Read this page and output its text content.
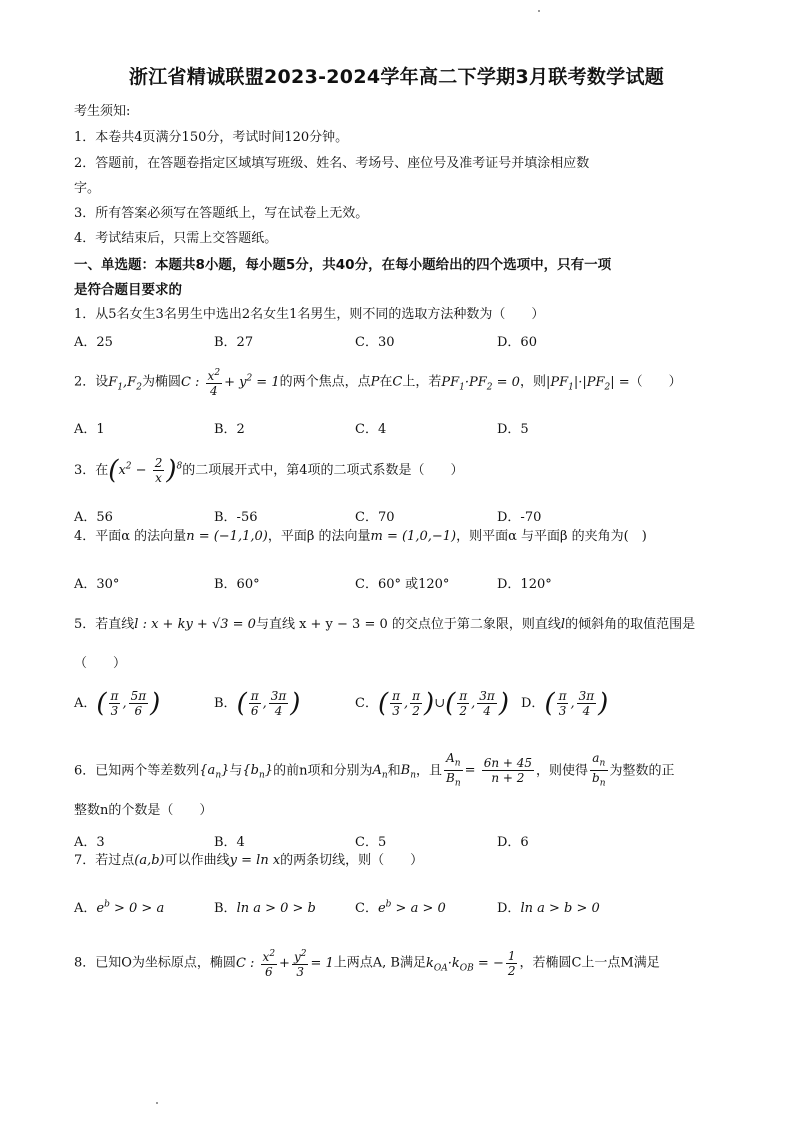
浙江省精诚联盟2023-2024学年高二下学期3月联考数学试题
考生须知:
1．本卷共4页满分150分，考试时间120分钟。
2．答题前，在答题卷指定区域填写班级、姓名、考场号、座位号及准考证号并填涂相应数
字。
3．所有答案必须写在答题纸上，写在试卷上无效。
4．考试结束后，只需上交答题纸。
一、单选题：本题共8小题，每小题5分，共40分，在每小题给出的四个选项中，只有一项
是符合题目要求的
1．从5名女生3名男生中选出2名女生1名男生，则不同的选取方法种数为（　　）
A．25	B．27	C．30	D．60
2．设$F_1,F_2$为椭圆C : $\frac{x^2}{4} + y^2 = 1$的两个焦点，点P在C上，若$PF_1\cdot PF_2 = 0$，则$|PF_1|\cdot|PF_2|$ =（　　）
A．1	B．2	C．4	D．5
3．在$(x^2 - \frac{2}{x} )^8$的二项展开式中，第4项的二项式系数是（　　）
A．56	B．-56	C．70	D．-70
4．平面α 的法向量n = (−1,1,0)，平面β 的法向量m = (1,0,−1)，则平面α 与平面β 的夹角为(　)
A．30°	B．60°	C．60° 或120°	D．120°
5．若直线l : x + ky + √3 = 0与直线 x + y − 3 = 0 的交点位于第二象限，则直线l的倾斜角的取值范围是
（　　）
A．( $\frac{\pi}{3}$ , $\frac{5\pi}{6}$ )	B．( $\frac{\pi}{6}$ , $\frac{3\pi}{4}$ )	C．( $\frac{\pi}{3}$ , $\frac{\pi}{2}$ )∪( $\frac{\pi}{2}$ , $\frac{3\pi}{4}$ ) D．( $\frac{\pi}{3}$ , $\frac{3\pi}{4}$ )
6．已知两个等差数列$\{a_n\}$与$\{b_n\}$的前n项和分别为$A_n$和$B_n$，且 $\frac{A_n}{B_n} = \frac{6n + 45}{n + 2}$ ，则使得 $\frac{a_n}{b_n}$ 为整数的正
整数n的个数是（　　）
A．3	B．4	C．5	D．6
7．若过点(a,b)可以作曲线y = ln x的两条切线，则（　　）
A．$e^b > 0 > a$	B．ln a > 0 > b	C．$e^b > a > 0$	D．ln a > b > 0
8．已知O为坐标原点，椭圆C : $\frac{x^2}{6} + \frac{y^2}{3} = 1$上两点A, B满足$k_{OA}\cdot k_{OB}$ = − $\frac{1}{2}$ ，若椭圆C上一点M满足
